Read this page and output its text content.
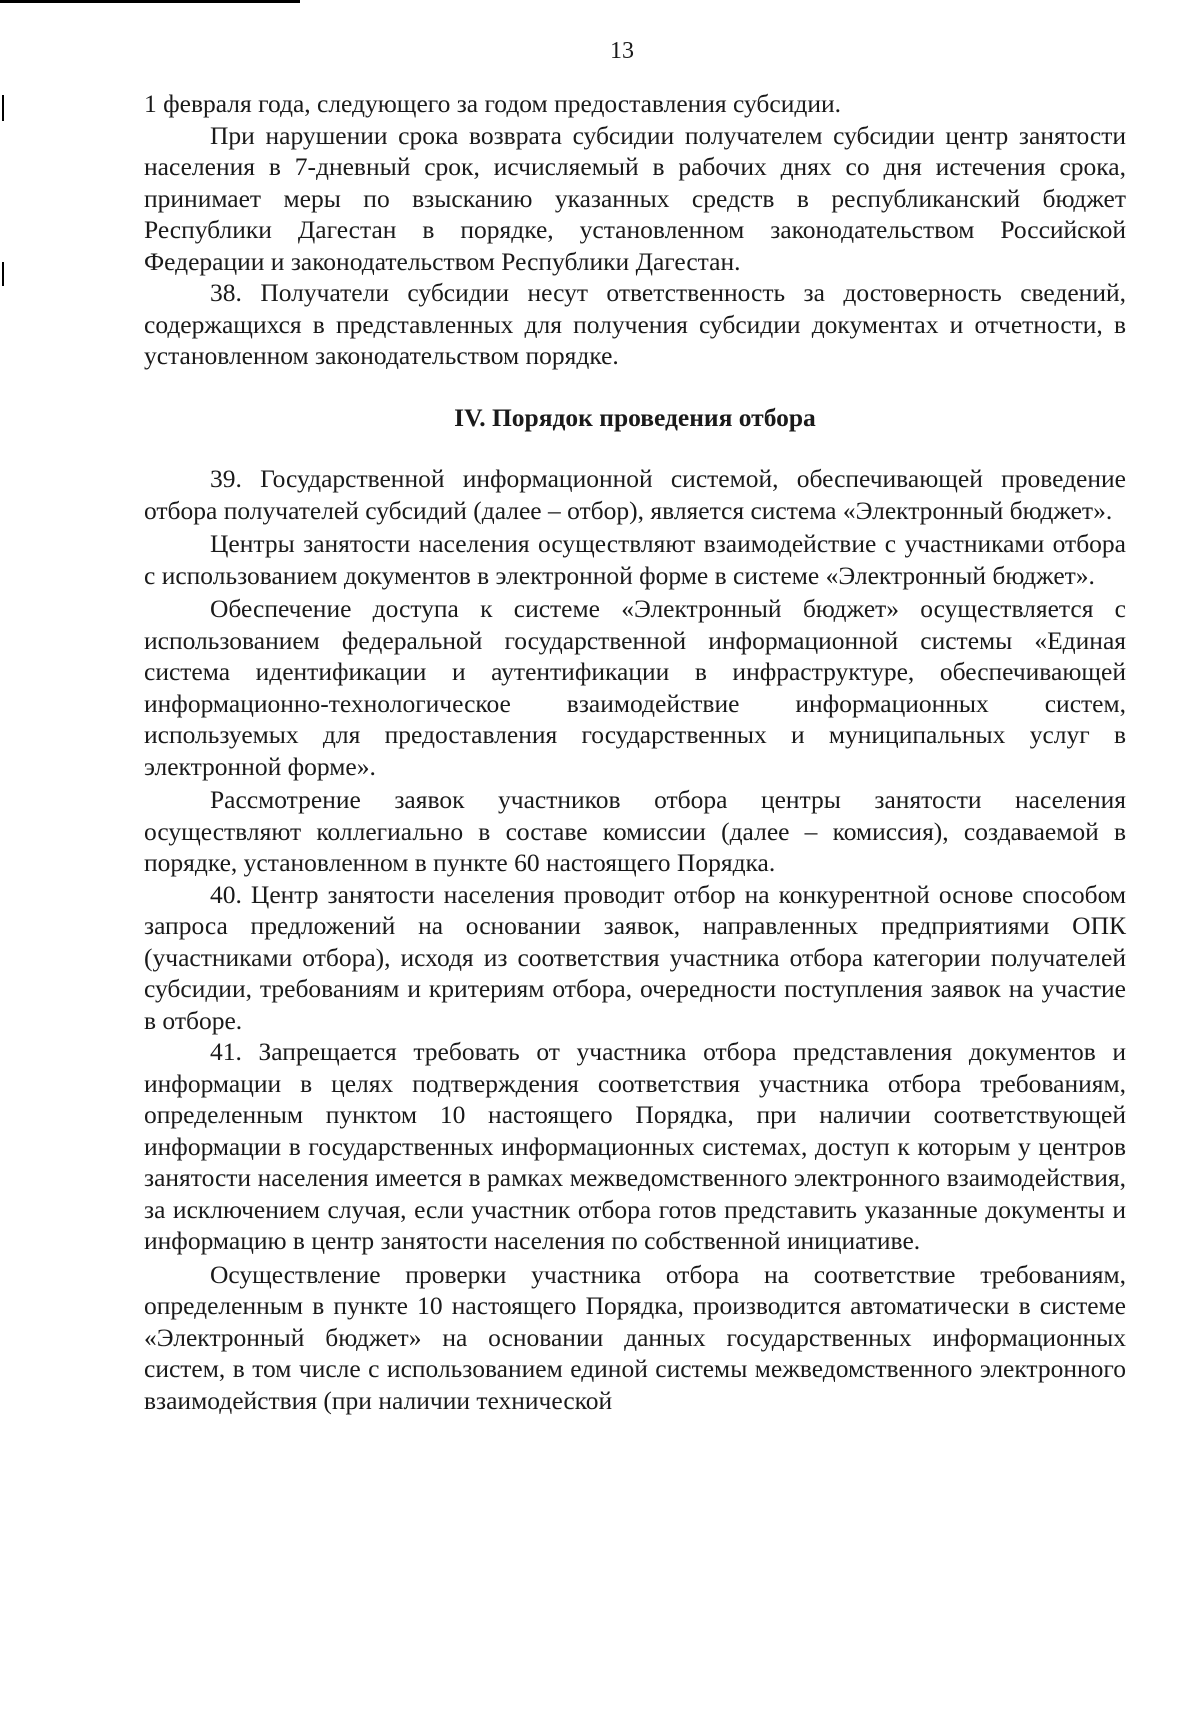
13

1 февраля года, следующего за годом предоставления субсидии.

При нарушении срока возврата субсидии получателем субсидии центр занятости населения в 7-дневный срок, исчисляемый в рабочих днях со дня истечения срока, принимает меры по взысканию указанных средств в республиканский бюджет Республики Дагестан в порядке, установленном законодательством Российской Федерации и законодательством Республики Дагестан.

38. Получатели субсидии несут ответственность за достоверность сведений, содержащихся в представленных для получения субсидии документах и отчетности, в установленном законодательством порядке.

IV. Порядок проведения отбора

39. Государственной информационной системой, обеспечивающей проведение отбора получателей субсидий (далее – отбор), является система «Электронный бюджет».

Центры занятости населения осуществляют взаимодействие с участниками отбора с использованием документов в электронной форме в системе «Электронный бюджет».

Обеспечение доступа к системе «Электронный бюджет» осуществляется с использованием федеральной государственной информационной системы «Единая система идентификации и аутентификации в инфраструктуре, обеспечивающей информационно-технологическое взаимодействие информационных систем, используемых для предоставления государственных и муниципальных услуг в электронной форме».

Рассмотрение заявок участников отбора центры занятости населения осуществляют коллегиально в составе комиссии (далее – комиссия), создаваемой в порядке, установленном в пункте 60 настоящего Порядка.

40. Центр занятости населения проводит отбор на конкурентной основе способом запроса предложений на основании заявок, направленных предприятиями ОПК (участниками отбора), исходя из соответствия участника отбора категории получателей субсидии, требованиям и критериям отбора, очередности поступления заявок на участие в отборе.

41. Запрещается требовать от участника отбора представления документов и информации в целях подтверждения соответствия участника отбора требованиям, определенным пунктом 10 настоящего Порядка, при наличии соответствующей информации в государственных информационных системах, доступ к которым у центров занятости населения имеется в рамках межведомственного электронного взаимодействия, за исключением случая, если участник отбора готов представить указанные документы и информацию в центр занятости населения по собственной инициативе.

Осуществление проверки участника отбора на соответствие требованиям, определенным в пункте 10 настоящего Порядка, производится автоматически в системе «Электронный бюджет» на основании данных государственных информационных систем, в том числе с использованием единой системы межведомственного электронного взаимодействия (при наличии технической
